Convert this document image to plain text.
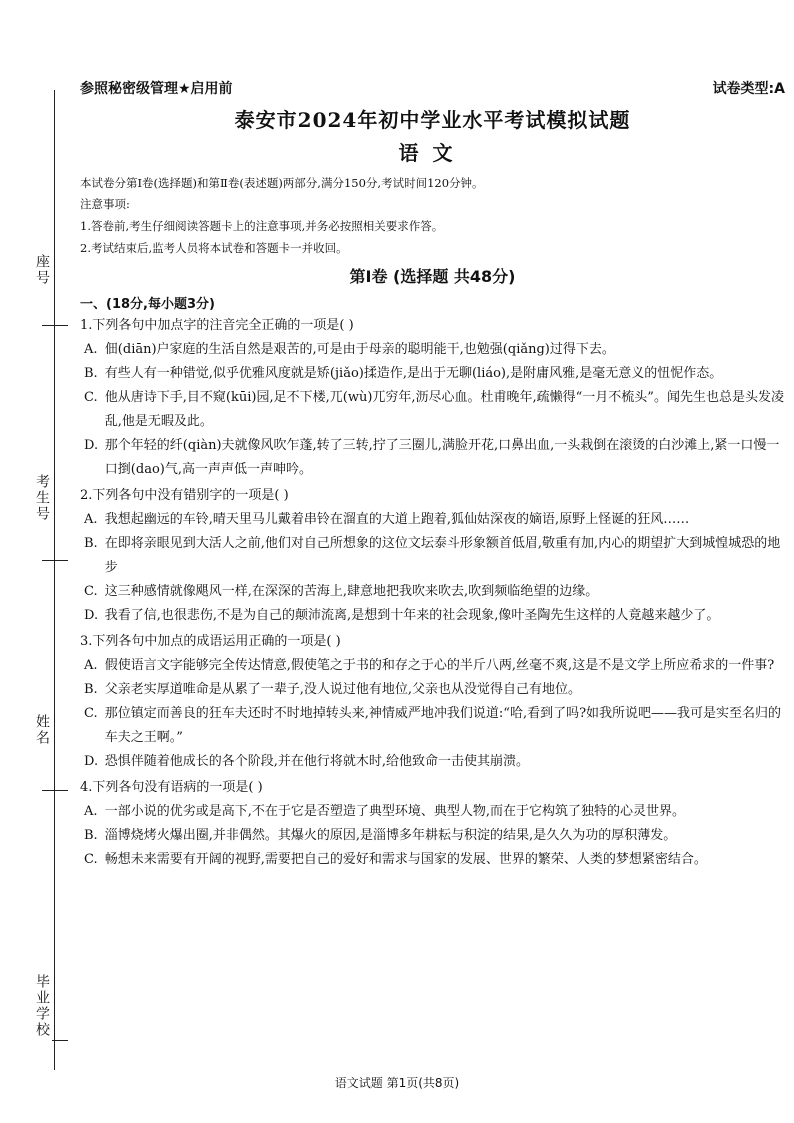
座号
考生号
姓名
毕业学校
参照秘密级管理★启用前	试卷类型:A
泰安市2024年初中学业水平考试模拟试题
语文
本试卷分第Ⅰ卷(选择题)和第Ⅱ卷(表述题)两部分,满分150分,考试时间120分钟。
注意事项:
1.答卷前,考生仔细阅读答题卡上的注意事项,并务必按照相关要求作答。
2.考试结束后,监考人员将本试卷和答题卡一并收回。
第Ⅰ卷 (选择题 共48分)
一、(18分,每小题3分)
1.下列各句中加点字的注音完全正确的一项是( )
A. 佃(diān)户家庭的生活自然是艰苦的,可是由于母亲的聪明能干,也勉强(qiǎng)过得下去。
B. 有些人有一种错觉,似乎优雅风度就是矫(jiǎo)揉造作,是出于无聊(liáo),是附庸风雅,是毫无意义的忸怩作态。
C. 他从唐诗下手,目不窥(kūi)园,足不下楼,兀(wù)兀穷年,沥尽心血。杜甫晚年,疏懒得“一月不梳头”。闻先生也总是头发凌乱,他是无暇及此。
D. 那个年轻的纤(qiàn)夫就像风吹乍蓬,转了三转,拧了三圈儿,满脸开花,口鼻出血,一头栽倒在滚烫的白沙滩上,紧一口慢一口捯(dao)气,高一声声低一声呻吟。
2.下列各句中没有错别字的一项是( )
A. 我想起幽远的车铃,晴天里马儿戴着串铃在溜直的大道上跑着,狐仙姑深夜的嫡语,原野上怪诞的狂风……
B. 在即将亲眼见到大活人之前,他们对自己所想象的这位文坛泰斗形象额首低眉,敬重有加,内心的期望扩大到城惶城恐的地步
C. 这三种感情就像飓风一样,在深深的苦海上,肆意地把我吹来吹去,吹到频临绝望的边缘。
D. 我看了信,也很悲伤,不是为自己的颠沛流离,是想到十年来的社会现象,像叶圣陶先生这样的人竟越来越少了。
3.下列各句中加点的成语运用正确的一项是( )
A. 假使语言文字能够完全传达情意,假使笔之于书的和存之于心的半斤八两,丝毫不爽,这是不是文学上所应希求的一件事?
B. 父亲老实厚道唯命是从累了一辈子,没人说过他有地位,父亲也从没觉得自己有地位。
C. 那位镇定而善良的狂车夫还时不时地掉转头来,神情威严地冲我们说道:“哈,看到了吗?如我所说吧——我可是实至名归的车夫之王啊。”
D. 恐惧伴随着他成长的各个阶段,并在他行将就木时,给他致命一击使其崩溃。
4.下列各句没有语病的一项是( )
A. 一部小说的优劣或是高下,不在于它是否塑造了典型环境、典型人物,而在于它构筑了独特的心灵世界。
B. 淄博烧烤火爆出圈,并非偶然。其爆火的原因,是淄博多年耕耘与积淀的结果,是久久为功的厚积薄发。
C. 畅想未来需要有开阔的视野,需要把自己的爱好和需求与国家的发展、世界的繁荣、人类的梦想紧密结合。
语文试题 第1页(共8页)
